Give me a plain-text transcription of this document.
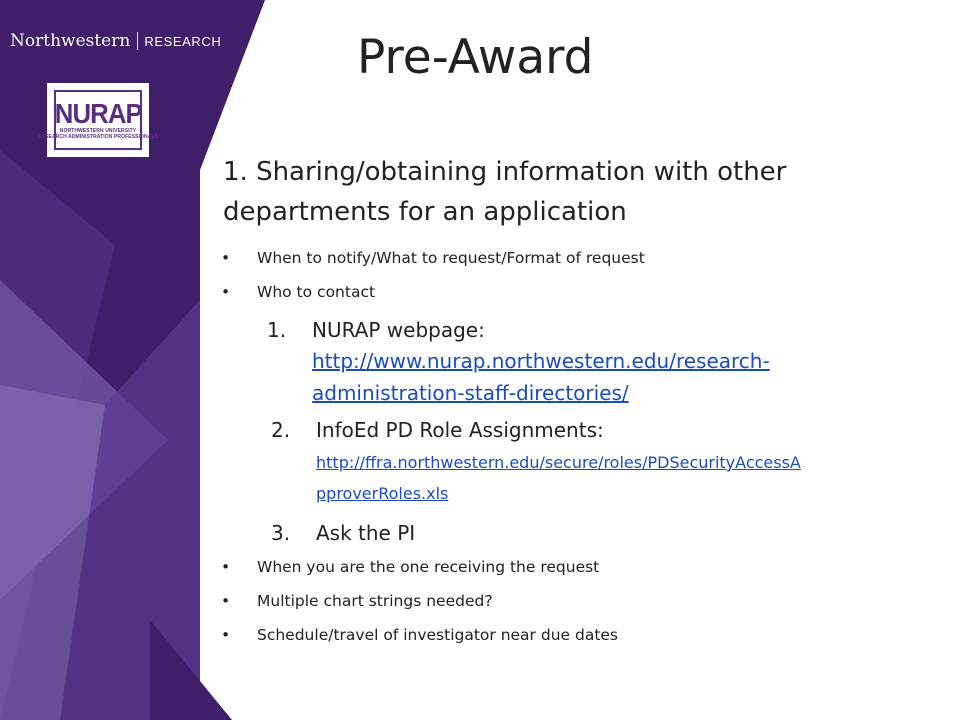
Northwestern RESEARCH
NURAP
NORTHWESTERN UNIVERSITY
RESEARCH ADMINISTRATION PROFESSIONALS
Pre-Award

1. Sharing/obtaining information with other departments for an application

• When to notify/What to request/Format of request
• Who to contact
1. NURAP webpage:
http://www.nurap.northwestern.edu/research-
administration-staff-directories/
2. InfoEd PD Role Assignments:
http://ffra.northwestern.edu/secure/roles/PDSecurityAccessA
pproverRoles.xls
3. Ask the PI
• When you are the one receiving the request
• Multiple chart strings needed?
• Schedule/travel of investigator near due dates
